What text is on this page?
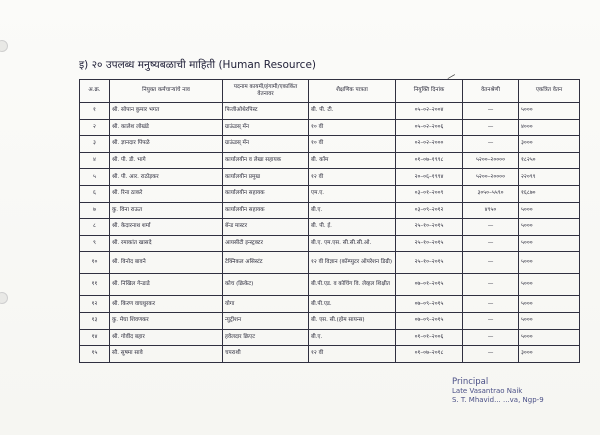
इ) २० उपलब्ध मनुष्यबळाची माहिती (Human Resource)
—
अ.क्र.	नियुक्त कर्मचाऱ्यांचे नाव	पदनाम कायमी/हंगामी/एकाकिंत वेतनावर	शैक्षणिक पात्रता	नियुक्ति दिनांक	वेतनश्रेणी	एकत्रित वेतन
१	श्री. सोपान कुमार भगत	फिजीओथेरपिस्ट	बी. पी. टी.	०५–०२–२००४	—	५०००
२	श्री. कालेश लोखंडे	ग्राऊंडस् मॅन	१० वी	०५–०२–२००६	—	४०००
३	श्री. ज्ञानदार पिंपळे	ग्राऊंडस् मॅन	१० वी	०२–०२–२०००	—	३०००
४	श्री. पी. डी. भागे	कार्यालयीन व लेखा सहायक	बी. कॉम	०१–०७–१९९८	५२००–२००००	१८२५०
५	श्री. पी. आर. राठोड़कर	कार्यालयीन प्रमुख	१२ वी	२०–०६–१९९४	५२००–२००००	२२०९९
६	श्री. रिना ठाकरे	कार्यालयीन सहायक	एम.ए.	०३–०१–२००९	३०५०–५५९०	१६८७०
७	कु. विना राऊत	कार्यालयीन सहायक	बी.ए.	०३–०९–२०१२	४९५०	५०००
८	श्री. केदारनाथ शर्मा	बॅन्ड मास्टर	बी. पी. ई.	२५–१०–२०१५	—	५०००
९	श्री. रमाकांत खासदे	आयसीटी इन्स्ट्रक्टर	बी.ए. एम.एस. सी.सी.सी.ओ.	२५–१०–२०१५	—	५०००
१०	श्री. विनोद बावने	टेक्निकल असिस्टंट	१२ वी विज्ञान (कॉम्प्युटर ऑपरेशन डिग्री)	२५–१०–२०१५	—	५०००
११	श्री. निखिल गेन्डाडे	कोच (क्रिकेट)	बी.पी.एड. व कोचिंग वि. लेव्हल शिक्षीत	०७–०१–२०१५	—	५०००
१२	श्री. किरण वाघधुरकर	योगा	बी.पी.एड.	०७–०९–२०१५	—	५०००
१३	कु. मेघा शिवणकर	न्युट्रीशन	बी. एस. सी.(होम सायन्स)	०७–०९–२०१५	—	५०००
१४	श्री. गोवींद बहार	हवेलदार क्रिएट	बी.ए.	०१–०१–२००६	—	५०००
१५	सौ. सुषमा सावे	चपराशी	१२ वी	०१–०७–२०१८	—	३०००
Principal
Late Vasantrao Naik
S. T. Mhavid... ...va, Ngp-9
